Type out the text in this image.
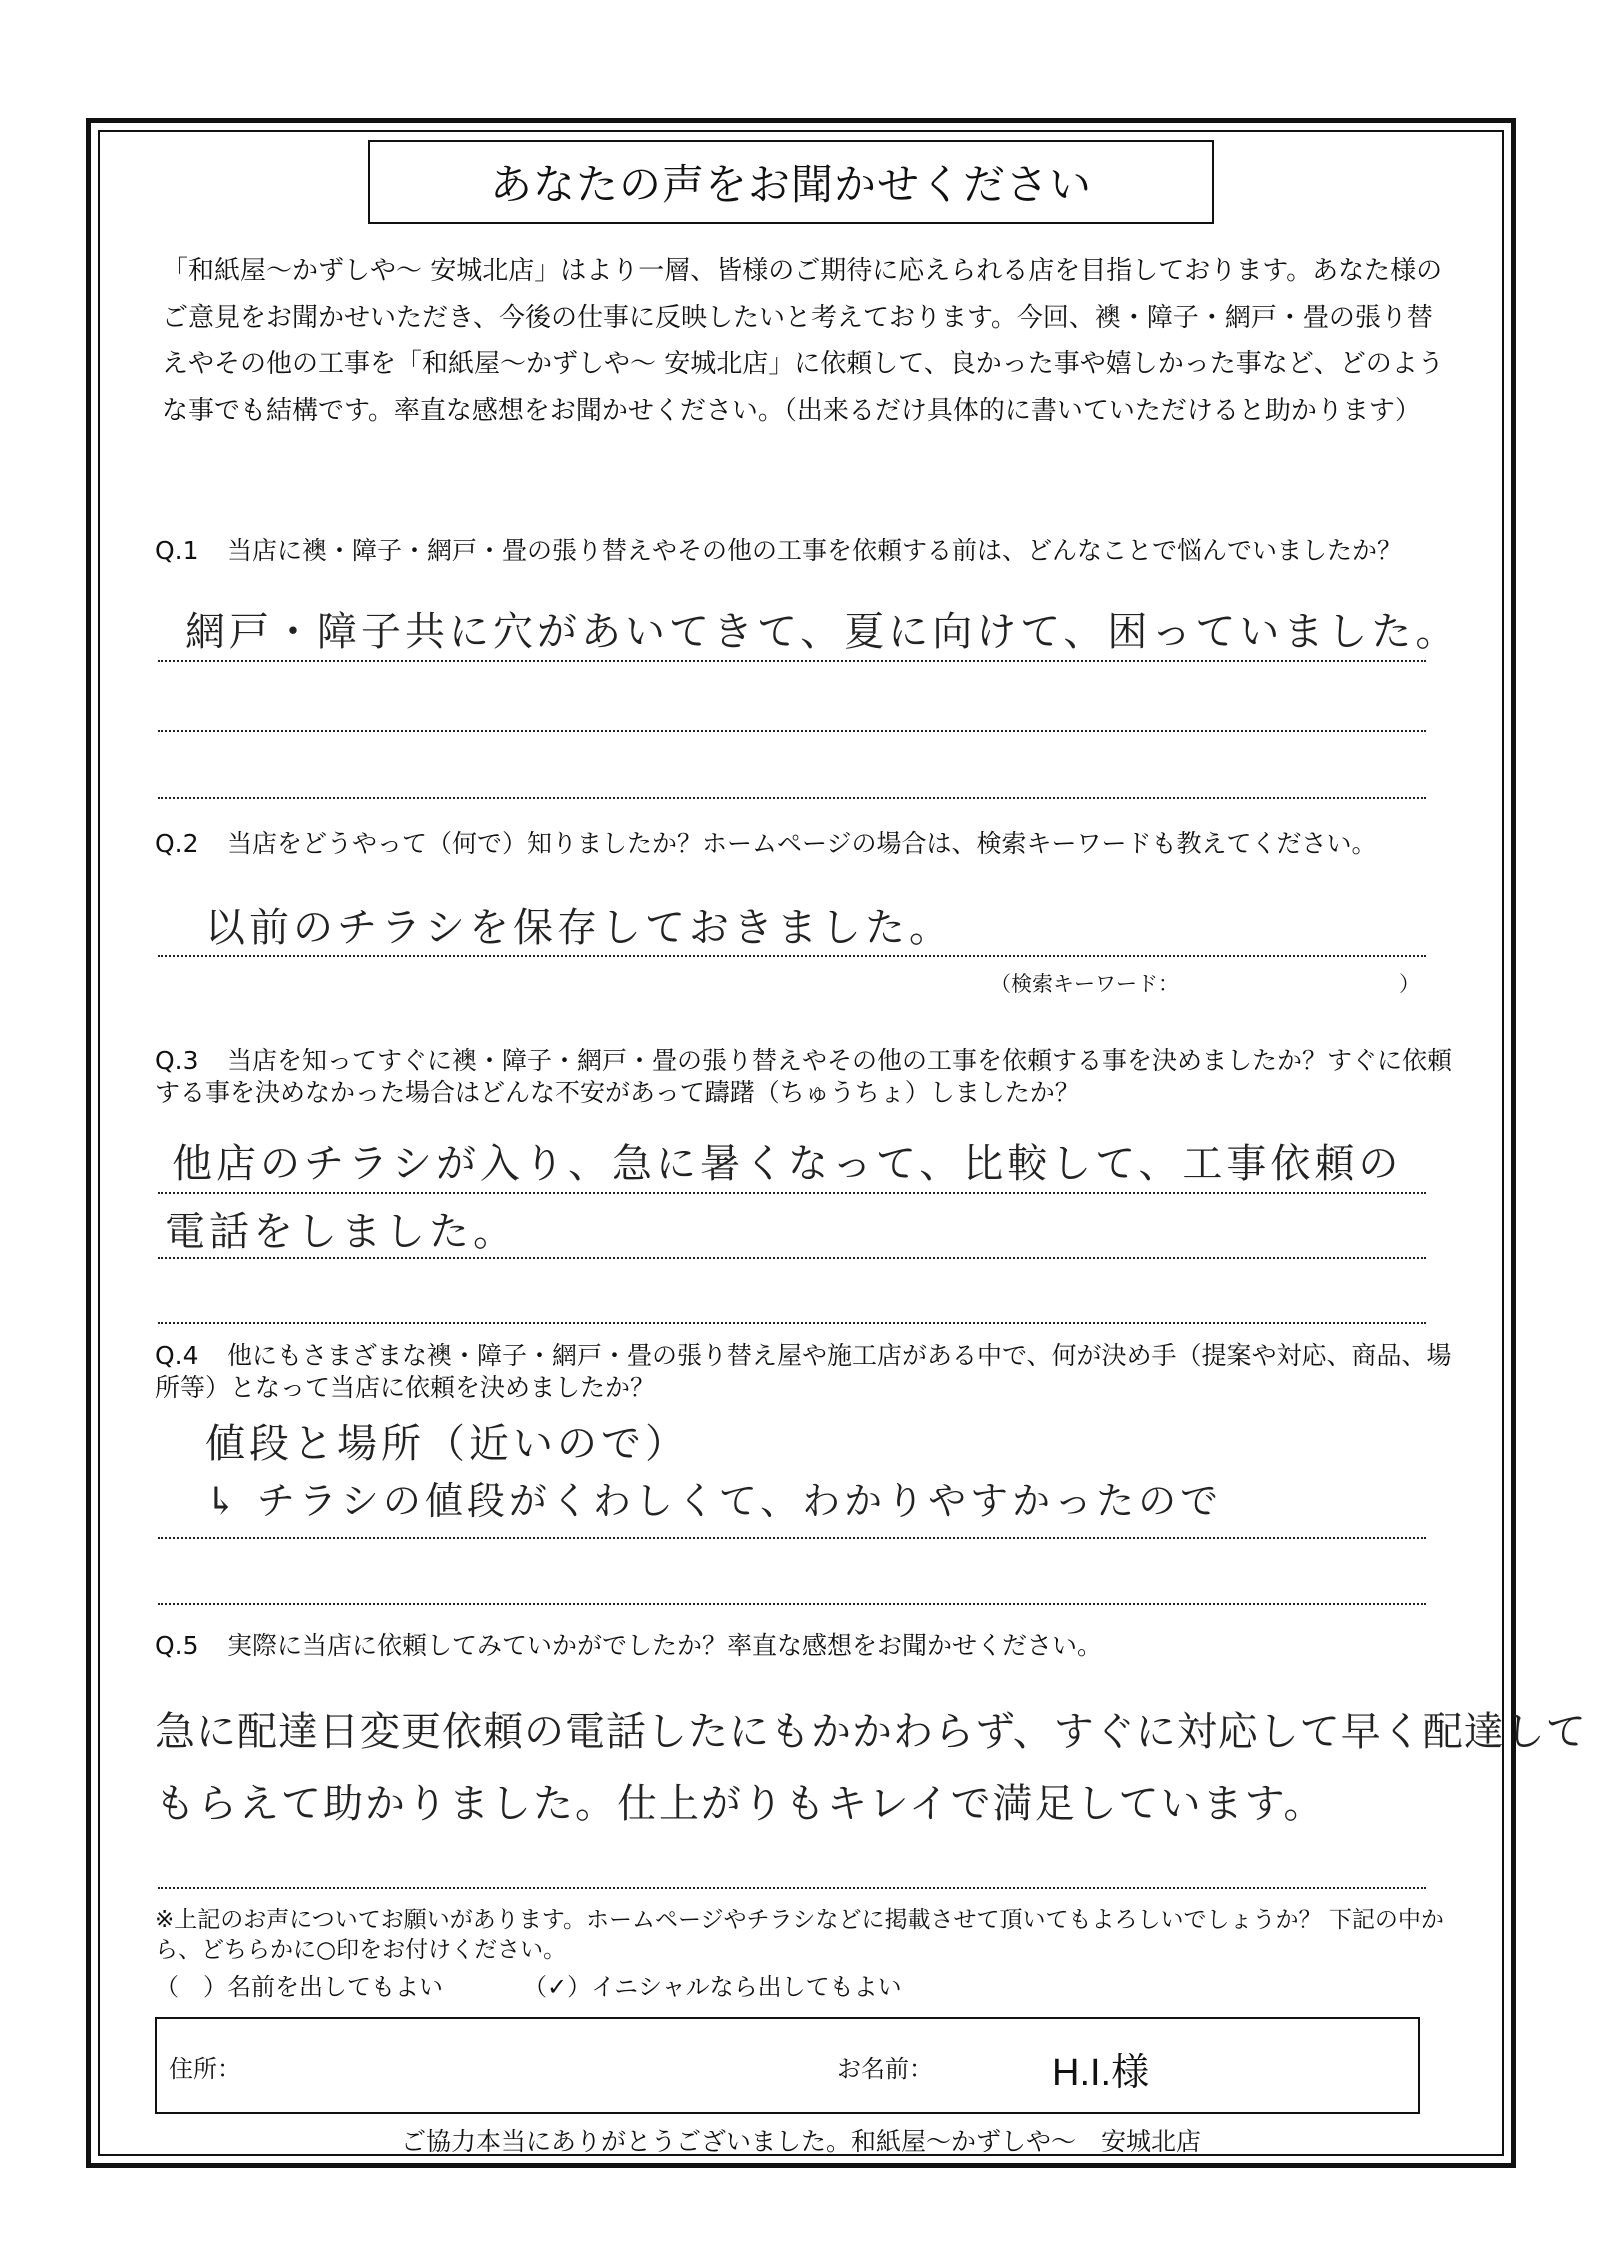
あなたの声をお聞かせください
「和紙屋～かずしや～ 安城北店」はより一層、皆様のご期待に応えられる店を目指しております。あなた様のご意見をお聞かせいただき、今後の仕事に反映したいと考えております。今回、襖・障子・網戸・畳の張り替えやその他の工事を「和紙屋～かずしや～ 安城北店」に依頼して、良かった事や嬉しかった事など、どのような事でも結構です。率直な感想をお聞かせください。（出来るだけ具体的に書いていただけると助かります）
Q.1 当店に襖・障子・網戸・畳の張り替えやその他の工事を依頼する前は、どんなことで悩んでいましたか？
網戸・障子共に穴があいてきて、夏に向けて、困っていました。
Q.2 当店をどうやって（何で）知りましたか？ホームページの場合は、検索キーワードも教えてください。
以前のチラシを保存しておきました。
（検索キーワード：	）
Q.3 当店を知ってすぐに襖・障子・網戸・畳の張り替えやその他の工事を依頼する事を決めましたか？すぐに依頼する事を決めなかった場合はどんな不安があって躊躇（ちゅうちょ）しましたか？
他店のチラシが入り、急に暑くなって、比較して、工事依頼の
電話をしました。
Q.4 他にもさまざまな襖・障子・網戸・畳の張り替え屋や施工店がある中で、何が決め手（提案や対応、商品、場所等）となって当店に依頼を決めましたか？
値段と場所（近いので）
↳ チラシの値段がくわしくて、わかりやすかったので
Q.5 実際に当店に依頼してみていかがでしたか？率直な感想をお聞かせください。
急に配達日変更依頼の電話したにもかかわらず、すぐに対応して早く配達して
もらえて助かりました。仕上がりもキレイで満足しています。
※上記のお声についてお願いがあります。ホームページやチラシなどに掲載させて頂いてもよろしいでしょうか？ 下記の中から、どちらかに○印をお付けください。
（　）名前を出してもよい	（✓）イニシャルなら出してもよい
住所：	お名前：	H.I.様
ご協力本当にありがとうございました。和紙屋～かずしや～　安城北店
